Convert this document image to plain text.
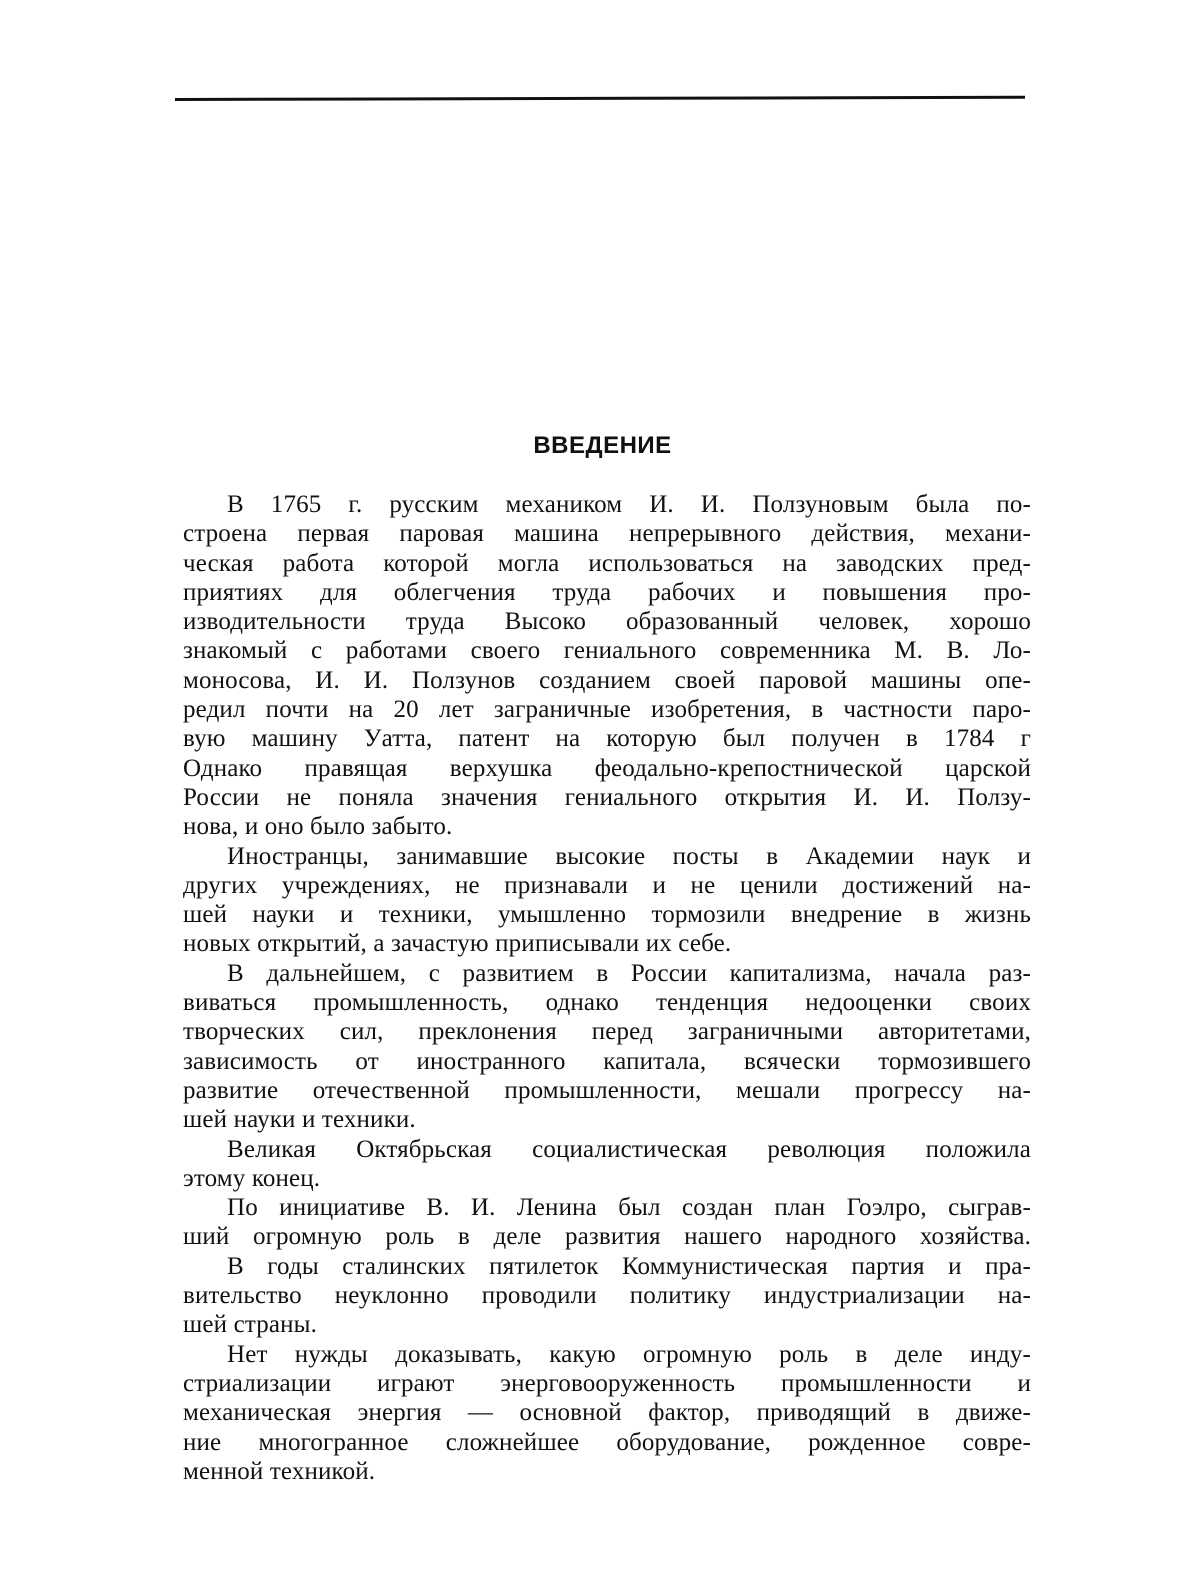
ВВЕДЕНИЕ
В 1765 г. русским механиком И. И. Ползуновым была по-
строена первая паровая машина непрерывного действия, механи-
ческая работа которой могла использоваться на заводских пред-
приятиях для облегчения труда рабочих и повышения про-
изводительности труда Высоко образованный человек, хорошо
знакомый с работами своего гениального современника М. В. Ло-
моносова, И. И. Ползунов созданием своей паровой машины опе-
редил почти на 20 лет заграничные изобретения, в частности паро-
вую машину Уатта, патент на которую был получен в 1784 г
Однако правящая верхушка феодально-крепостнической царской
России не поняла значения гениального открытия И. И. Ползу-
нова, и оно было забыто.
Иностранцы, занимавшие высокие посты в Академии наук и
других учреждениях, не признавали и не ценили достижений на-
шей науки и техники, умышленно тормозили внедрение в жизнь
новых открытий, а зачастую приписывали их себе.
В дальнейшем, с развитием в России капитализма, начала раз-
виваться промышленность, однако тенденция недооценки своих
творческих сил, преклонения перед заграничными авторитетами,
зависимость от иностранного капитала, всячески тормозившего
развитие отечественной промышленности, мешали прогрессу на-
шей науки и техники.
Великая Октябрьская социалистическая революция положила
этому конец.
По инициативе В. И. Ленина был создан план Гоэлро, сыграв-
ший огромную роль в деле развития нашего народного хозяйства.
В годы сталинских пятилеток Коммунистическая партия и пра-
вительство неуклонно проводили политику индустриализации на-
шей страны.
Нет нужды доказывать, какую огромную роль в деле инду-
стриализации играют энерговооруженность промышленности и
механическая энергия — основной фактор, приводящий в движе-
ние многогранное сложнейшее оборудование, рожденное совре-
менной техникой.
